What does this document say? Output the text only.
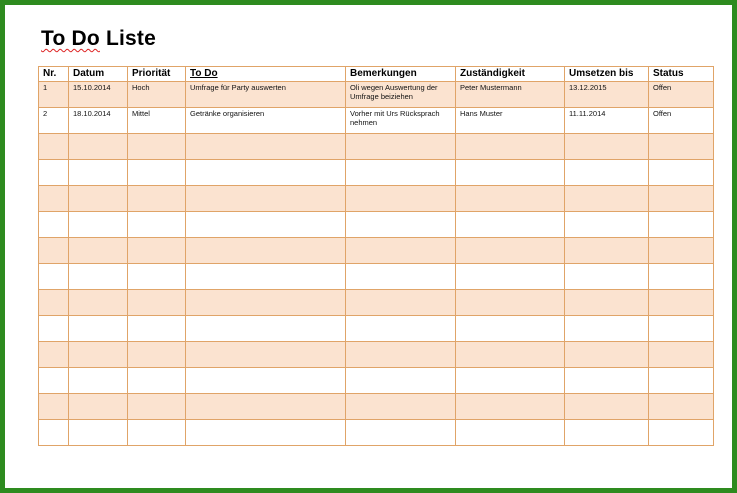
To Do Liste
Nr.	Datum	Priorität	To Do	Bemerkungen	Zuständigkeit	Umsetzen bis	Status
1	15.10.2014	Hoch	Umfrage für Party auswerten	Oli wegen Auswertung der Umfrage beiziehen	Peter Mustermann	13.12.2015	Offen
2	18.10.2014	Mittel	Getränke organisieren	Vorher mit Urs Rücksprach nehmen	Hans Muster	11.11.2014	Offen
